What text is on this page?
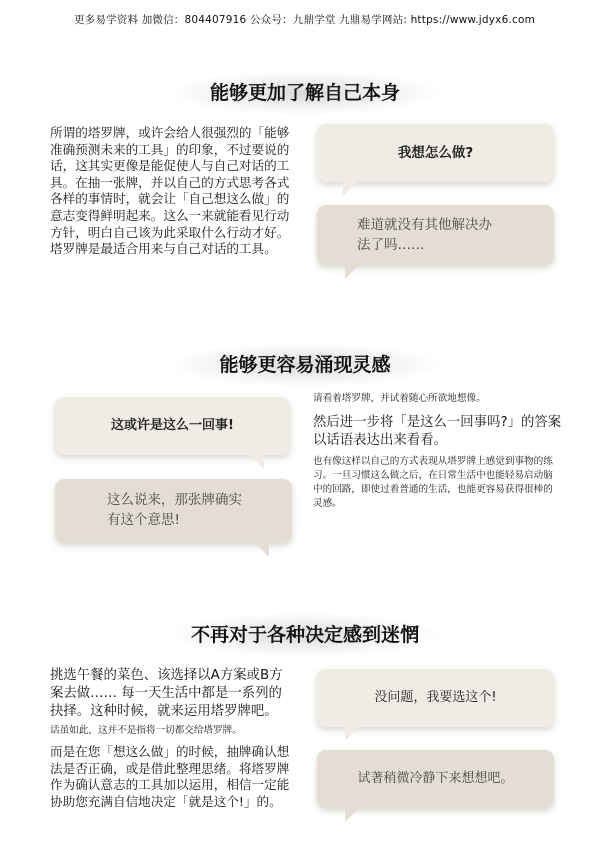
更多易学资料 加微信：804407916 公众号：九鼎学堂 九鼎易学网站: https://www.jdyx6.com
能够更加了解自己本身
所谓的塔罗牌，或许会给人很强烈的「能够准确预测未来的工具」的印象，不过要说的话，这其实更像是能促使人与自己对话的工具。在抽一张牌，并以自己的方式思考各式各样的事情时，就会让「自己想这么做」的意志变得鲜明起来。这么一来就能看见行动方针，明白自己该为此采取什么行动才好。塔罗牌是最适合用来与自己对话的工具。
我想怎么做?
难道就没有其他解决办法了吗……
能够更容易涌现灵感
这或许是这么一回事!
这么说来，那张牌确实有这个意思!
请看着塔罗牌，并试着随心所欲地想像。
然后进一步将「是这么一回事吗?」的答案以话语表达出来看看。
也有像这样以自己的方式表现从塔罗牌上感觉到事物的练习。一旦习惯这么做之后，在日常生活中也能轻易启动脑中的回路，即使过着普通的生活，也能更容易获得很棒的灵感。
不再对于各种决定感到迷惘
挑选午餐的菜色、该选择以A方案或B方案去做…… 每一天生活中都是一系列的抉择。这种时候，就来运用塔罗牌吧。
话虽如此，这并不是指将一切都交给塔罗牌。
而是在您「想这么做」的时候，抽牌确认想法是否正确，或是借此整理思绪。将塔罗牌作为确认意志的工具加以运用，相信一定能协助您充满自信地决定「就是这个!」的。
没问题，我要选这个!
试著稍微冷静下来想想吧。
